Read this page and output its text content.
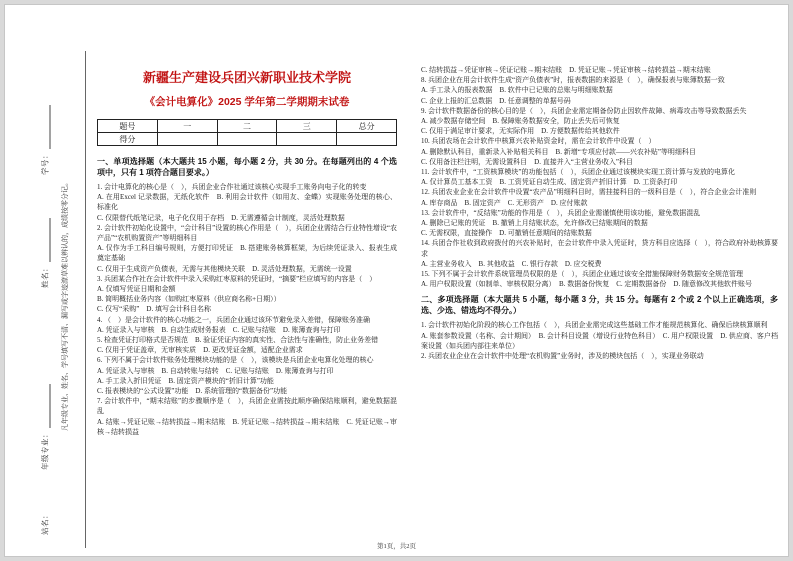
学号：
姓名：
年级专业：
站名：
凡年级专业、姓名、学号填写不清、漏写或字迹潦草难以辨认的，成绩按零分记。
新疆生产建设兵团兴新职业技术学院
《会计电算化》2025 学年第二学期期末试卷
题号	一	二	三	总分
得分				
一、单项选择题（本大题共 15 小题，每小题 2 分，共 30 分。在每题列出的 4 个选项中，只有 1 项符合题目要求。）
1. 会计电算化的核心是（　），兵团企业合作社通过该核心实现手工账务向电子化的转变
A. 在用Excel 记录数据，无纸化软件　B. 利用会计软件（如用友、金蝶）实现账务处理的核心、标准化
C. 仅限替代纸笔记录，电子化仅用于存档　D. 无需遵循会计制度，灵活处理数据
2. 会计软件初始化设置中，“会计科目”设置的核心作用是（　），兵团企业需结合行业特性增设“农产品”“农机购置资产”等明细科目
A. 仅作为手工科目编号规则，方便打印凭证　B. 搭建账务核算框架，为后续凭证录入、报表生成奠定基础
C. 仅用于生成资产负债表，无需与其他模块关联　D. 灵活处理数据，无需统一设置
3. 兵团某合作社在会计软件中录入采购红枣原料的凭证时，“摘要”栏应填写的内容是（　）
A. 仅填写凭证日期和金额
B. 简明概括业务内容（如购红枣原料（供应商名称+日期））
C. 仅写“采购”　D. 填写会计科目名称
4. （　）是会计软件的核心功能之一，兵团企业通过该环节避免录入差错，保障账务准确
A. 凭证录入与审核　B. 自动生成财务报表　C. 记账与结账　D. 账簿查询与打印
5. 检查凭证打印格式是否规范　B. 验证凭证内容的真实性、合法性与准确性，防止业务差错
C. 仅用于凭证盖章，无审核实质　D. 更改凭证金额，适配企业需求
6. 下列不属于会计软件账务处理模块功能的是（　），该模块是兵团企业电算化处理的核心
A. 凭证录入与审核　B. 自动转账与结转　C. 记账与结账　D. 账簿查询与打印
A. 手工录入折旧凭证　B. 固定资产模块的“折旧计算”功能
C. 报表模块的“公式设置”功能　D. 系统管理的“数据备份”功能
7. 会计软件中，“期末结账”的步骤顺序是（　），兵团企业需按此顺序确保结账顺利，避免数据混乱
A. 结账→凭证记账→结转损益→期末结账　B. 凭证记账→结转损益→期末结账　C. 凭证记账→审核→结转损益
C. 结转损益→凭证审核→凭证记账→期末结账　D. 凭证记账→凭证审核→结转损益→期末结账
8. 兵团企业在用会计软件生成“资产负债表”时，报表数据的来源是（　），确保报表与账簿数据一致
A. 手工录入的报表数据　B. 软件中已记账的总账与明细账数据
C. 企业上报的汇总数据　D. 任意调整的单据号码
9. 会计软件数据备份的核心目的是（　），兵团企业需定期备份防止因软件故障、病毒攻击等导致数据丢失
A. 减少数据存储空间　B. 保障账务数据安全，防止丢失后可恢复
C. 仅用于满足审计要求，无实际作用　D. 方便数据传给其他软件
10. 兵团农场在会计软件中核算兴农补贴资金时，需在会计软件中设置（　）
A. 删除默认科目，重新录入补贴相关科目　B. 新增“专项应付款——兴农补贴”等明细科目
C. 仅用备注栏注明，无需设置科目　D. 直接并入“主营业务收入”科目
11. 会计软件中，“工资核算模块”的功能包括（　），兵团企业通过该模块实现工资计算与发放的电算化
A. 仅计算员工基本工资　B. 工资凭证自动生成、固定资产折旧计算　D. 工资条打印
12. 兵团农业企业在会计软件中设置“农产品”明细科目时，需挂接科目的一级科目是（　），符合企业会计准则
A. 库存商品　B. 固定资产　C. 无形资产　D. 应付账款
13. 会计软件中，“反结账”功能的作用是（　），兵团企业需谨慎使用该功能，避免数据混乱
A. 删除已记账的凭证　B. 撤销上月结账状态，允许修改已结账期间的数据
C. 无需权限，直接操作　D. 可撤销任意期间的结账数据
14. 兵团合作社收到政府拨付的兴农补贴时，在会计软件中录入凭证时，贷方科目应选择（　），符合政府补助核算要求
A. 主营业务收入　B. 其他收益　C. 银行存款　D. 应交税费
15. 下列不属于会计软件系统管理员权限的是（　），兵团企业通过该安全措施保障财务数据安全规范管理
A. 用户权限设置（如制单、审核权限分离）　B. 数据备份恢复　C. 定期数据备份　D. 随意修改其他软件账号
二、多项选择题（本大题共 5 小题，每小题 3 分，共 15 分。每题有 2 个或 2 个以上正确选项，多选、少选、错选均不得分。）
1. 会计软件初始化阶段的核心工作包括（　），兵团企业需完成这些基础工作才能规范核算化、确保后续核算顺利
A. 账套参数设置（名称、会计期间）　B. 会计科目设置（增设行业特色科目）　C. 用户权限设置　D. 供应商、客户档案设置（如兵团内部往来单位）
2. 兵团农业企业在会计软件中处理“农机购置”业务时，涉及的模块包括（　），实现业务联动
第1页，共2页
